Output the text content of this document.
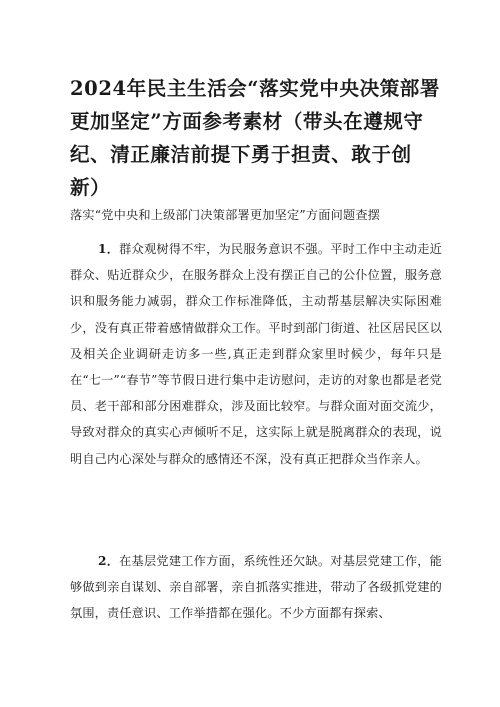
2024年民主生活会“落实党中央决策部署更加坚定”方面参考素材（带头在遵规守纪、清正廉洁前提下勇于担责、敢于创新）

落实“党中央和上级部门决策部署更加坚定”方面问题查摆

1．群众观树得不牢，为民服务意识不强。平时工作中主动走近群众、贴近群众少，在服务群众上没有摆正自己的公仆位置，服务意识和服务能力减弱，群众工作标准降低，主动帮基层解决实际困难少，没有真正带着感情做群众工作。平时到部门街道、社区居民区以及相关企业调研走访多一些,真正走到群众家里时候少，每年只是在“七一”“春节”等节假日进行集中走访慰问，走访的对象也都是老党员、老干部和部分困难群众，涉及面比较窄。与群众面对面交流少，导致对群众的真实心声倾听不足，这实际上就是脱离群众的表现，说明自己内心深处与群众的感情还不深，没有真正把群众当作亲人。

2．在基层党建工作方面，系统性还欠缺。对基层党建工作，能够做到亲自谋划、亲自部署，亲自抓落实推进，带动了各级抓党建的氛围，责任意识、工作举措都在强化。不少方面都有探索、
